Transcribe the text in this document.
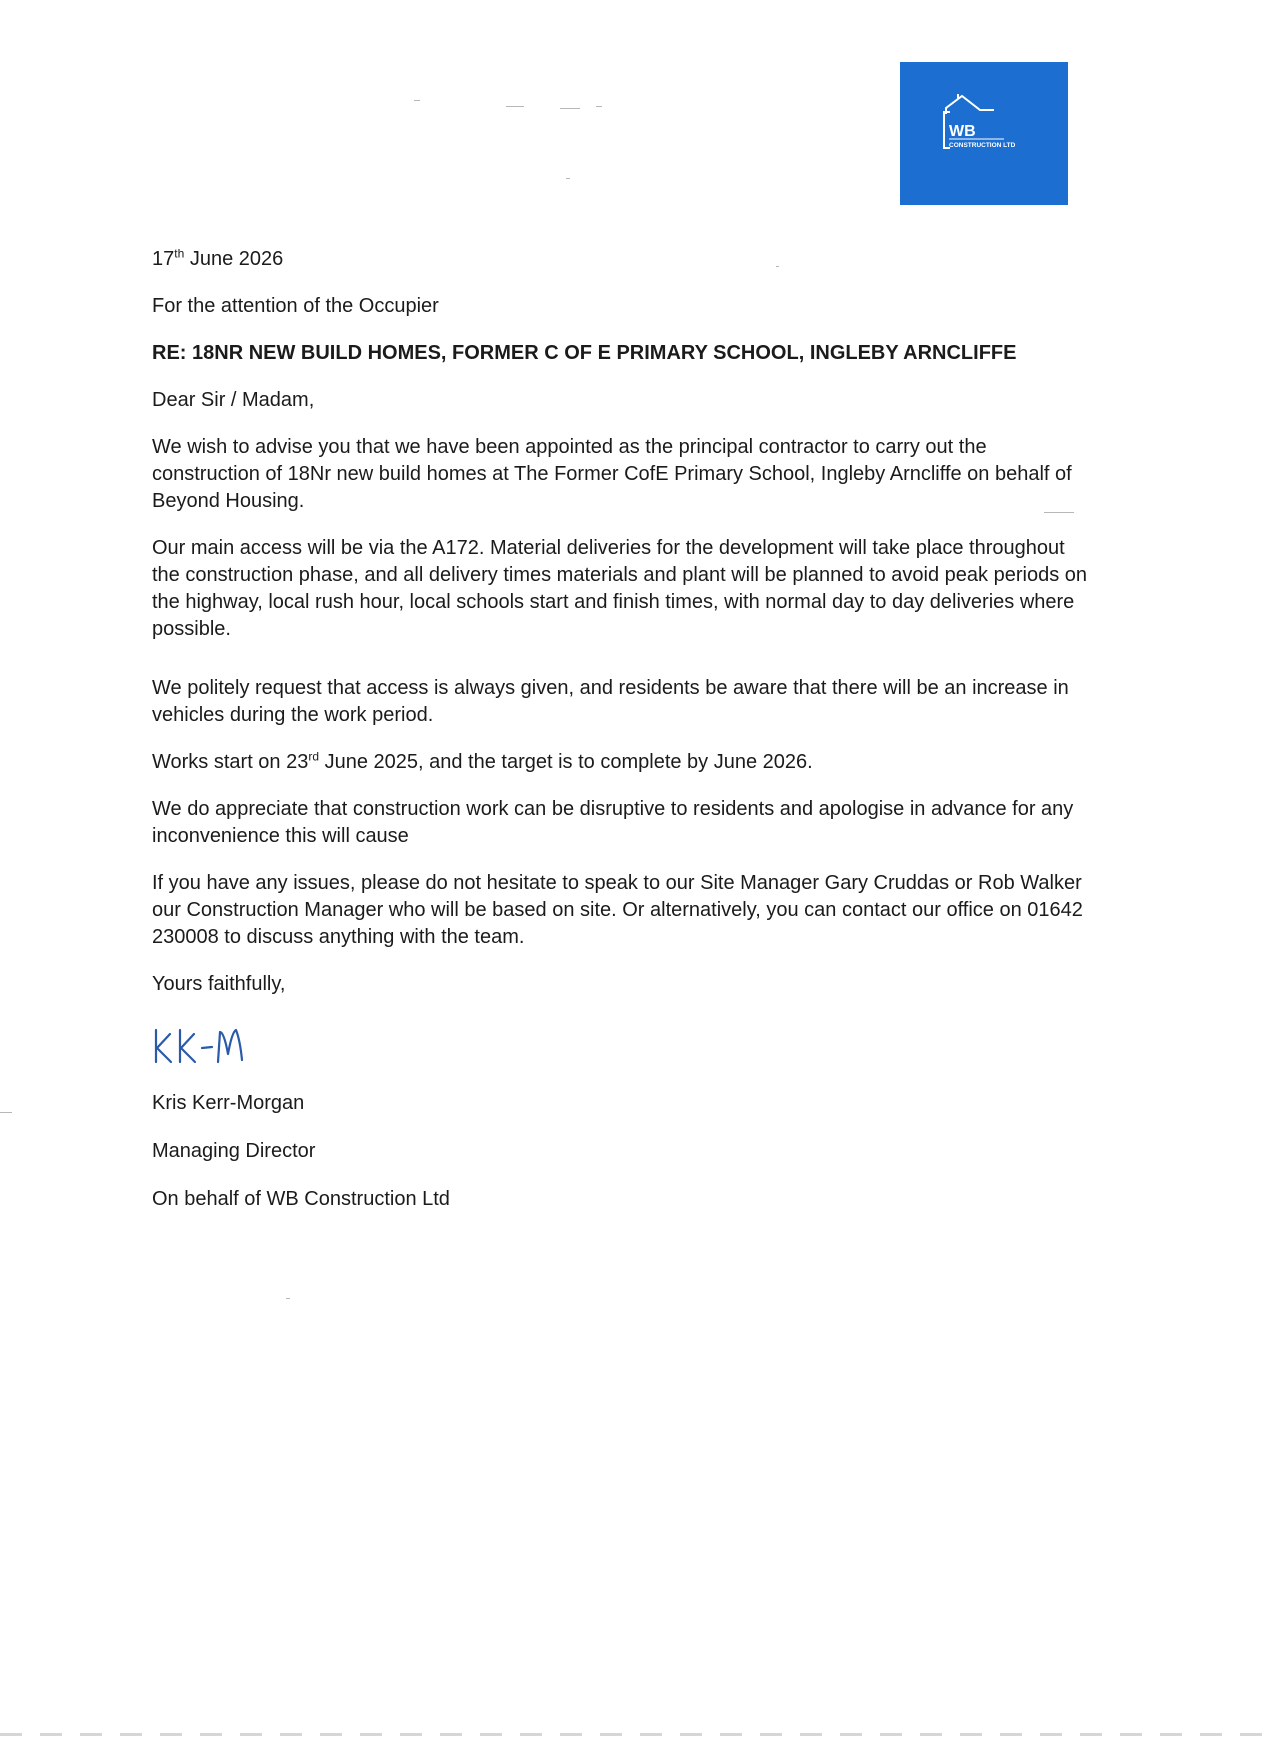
WB
CONSTRUCTION LTD

17th June 2026

For the attention of the Occupier

RE: 18NR NEW BUILD HOMES, FORMER C OF E PRIMARY SCHOOL, INGLEBY ARNCLIFFE

Dear Sir / Madam,

We wish to advise you that we have been appointed as the principal contractor to carry out the construction of 18Nr new build homes at The Former CofE Primary School, Ingleby Arncliffe on behalf of Beyond Housing.

Our main access will be via the A172. Material deliveries for the development will take place throughout the construction phase, and all delivery times materials and plant will be planned to avoid peak periods on the highway, local rush hour, local schools start and finish times, with normal day to day deliveries where possible.

We politely request that access is always given, and residents be aware that there will be an increase in vehicles during the work period.

Works start on 23rd June 2025, and the target is to complete by June 2026.

We do appreciate that construction work can be disruptive to residents and apologise in advance for any inconvenience this will cause

If you have any issues, please do not hesitate to speak to our Site Manager Gary Cruddas or Rob Walker our Construction Manager who will be based on site. Or alternatively, you can contact our office on 01642 230008 to discuss anything with the team.

Yours faithfully,

Kris Kerr-Morgan

Managing Director

On behalf of WB Construction Ltd
